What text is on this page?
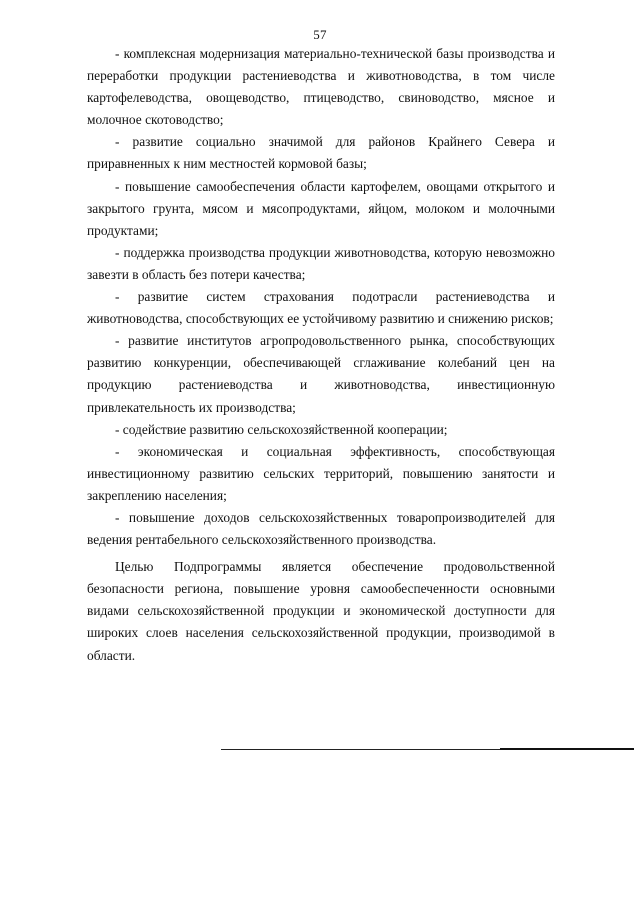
57

- комплексная модернизация материально-технической базы производства и переработки продукции растениеводства и животноводства, в том числе картофелеводства, овощеводство, птицеводство, свиноводство, мясное и молочное скотоводство;

- развитие социально значимой для районов Крайнего Севера и приравненных к ним местностей кормовой базы;

- повышение самообеспечения области картофелем, овощами открытого и закрытого грунта, мясом и мясопродуктами, яйцом, молоком и молочными продуктами;

- поддержка производства продукции животноводства, которую невозможно завезти в область без потери качества;

- развитие систем страхования подотрасли растениеводства и животноводства, способствующих ее устойчивому развитию и снижению рисков;

- развитие институтов агропродовольственного рынка, способствующих развитию конкуренции, обеспечивающей сглаживание колебаний цен на продукцию растениеводства и животноводства, инвестиционную привлекательность их производства;

- содействие развитию сельскохозяйственной кооперации;

- экономическая и социальная эффективность, способствующая инвестиционному развитию сельских территорий, повышению занятости и закреплению населения;

- повышение доходов сельскохозяйственных товаропроизводителей для ведения рентабельного сельскохозяйственного производства.

Целью Подпрограммы является обеспечение продовольственной безопасности региона, повышение уровня самообеспеченности основными видами сельскохозяйственной продукции и экономической доступности для широких слоев населения сельскохозяйственной продукции, производимой в области.
